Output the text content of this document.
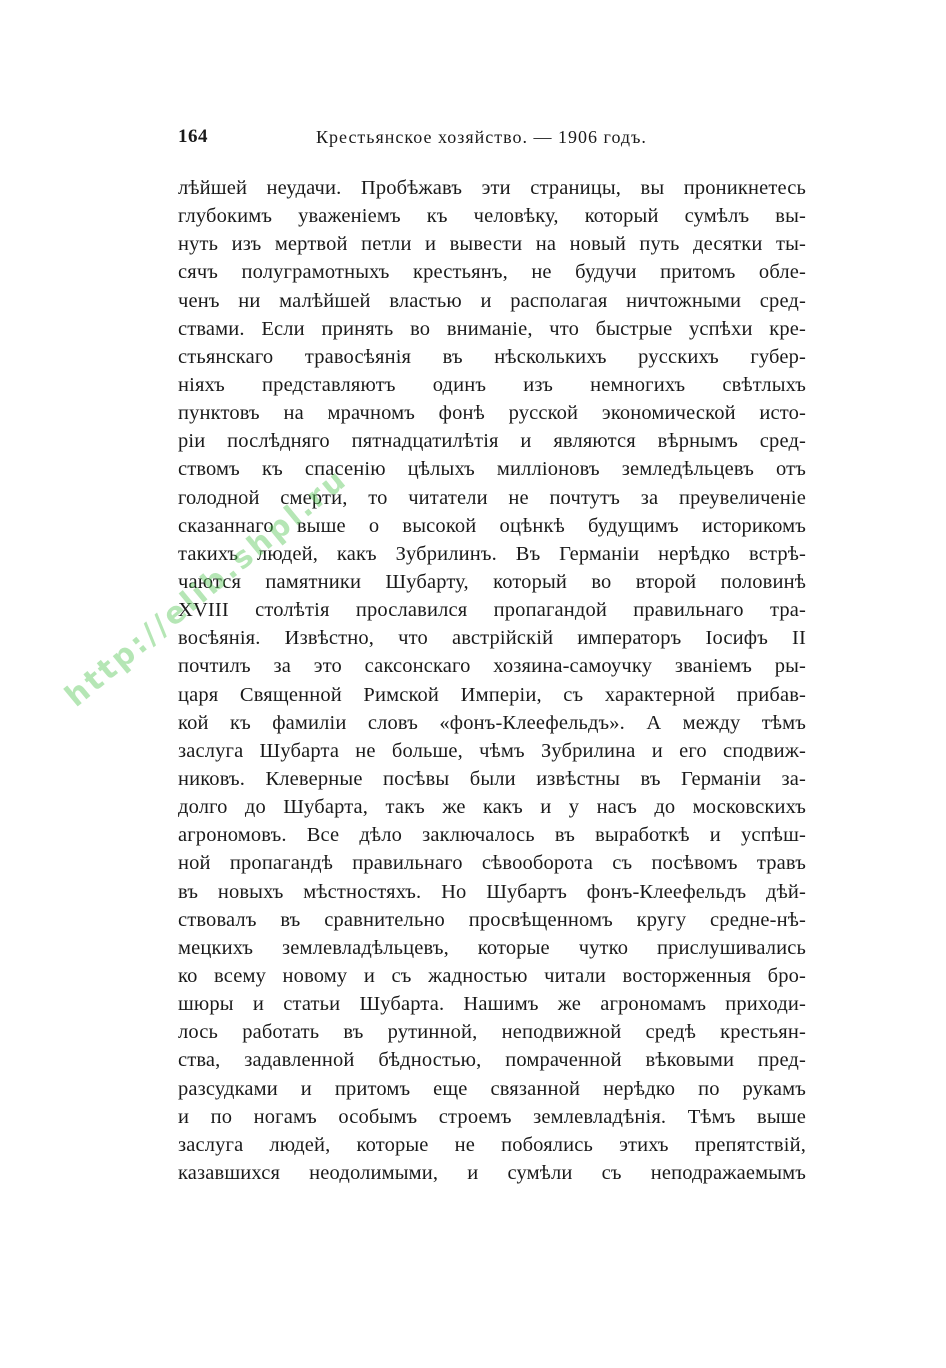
164	Крестьянское хозяйство. — 1906 годъ.
лѣйшей неудачи. Пробѣжавъ эти страницы, вы проникнетесь
глубокимъ уваженіемъ къ человѣку, который сумѣлъ вы-
нуть изъ мертвой петли и вывести на новый путь десятки ты-
сячъ полуграмотныхъ крестьянъ, не будучи притомъ обле-
ченъ ни малѣйшей властью и располагая ничтожными сред-
ствами. Если принять во вниманіе, что быстрые успѣхи кре-
стьянскаго травосѣянія въ нѣсколькихъ русскихъ губер-
ніяхъ представляютъ одинъ изъ немногихъ свѣтлыхъ
пунктовъ на мрачномъ фонѣ русской экономической исто-
ріи послѣдняго пятнадцатилѣтія и являются вѣрнымъ сред-
ствомъ къ спасенію цѣлыхъ милліоновъ земледѣльцевъ отъ
голодной смерти, то читатели не почтутъ за преувеличеніе
сказаннаго выше о высокой оцѣнкѣ будущимъ историкомъ
такихъ людей, какъ Зубрилинъ. Въ Германіи нерѣдко встрѣ-
чаются памятники Шубарту, который во второй половинѣ
XVIII столѣтія прославился пропагандой правильнаго тра-
восѣянія. Извѣстно, что австрійскій императоръ Іосифъ II
почтилъ за это саксонскаго хозяина-самоучку званіемъ ры-
царя Священной Римской Имперіи, съ характерной прибав-
кой къ фамиліи словъ «фонъ-Клеефельдъ». А между тѣмъ
заслуга Шубарта не больше, чѣмъ Зубрилина и его сподвиж-
никовъ. Клеверные посѣвы были извѣстны въ Германіи за-
долго до Шубарта, такъ же какъ и у насъ до московскихъ
агрономовъ. Все дѣло заключалось въ выработкѣ и успѣш-
ной пропагандѣ правильнаго сѣвооборота съ посѣвомъ травъ
въ новыхъ мѣстностяхъ. Но Шубартъ фонъ-Клеефельдъ дѣй-
ствовалъ въ сравнительно просвѣщенномъ кругу средне-нѣ-
мецкихъ землевладѣльцевъ, которые чутко прислушивались
ко всему новому и съ жадностью читали восторженныя бро-
шюры и статьи Шубарта. Нашимъ же агрономамъ приходи-
лось работать въ рутинной, неподвижной средѣ крестьян-
ства, задавленной бѣдностью, помраченной вѣковыми пред-
разсудками и притомъ еще связанной нерѣдко по рукамъ
и по ногамъ особымъ строемъ землевладѣнія. Тѣмъ выше
заслуга людей, которые не побоялись этихъ препятствій,
казавшихся неодолимыми, и сумѣли съ неподражаемымъ
http://elib.shpl.ru
